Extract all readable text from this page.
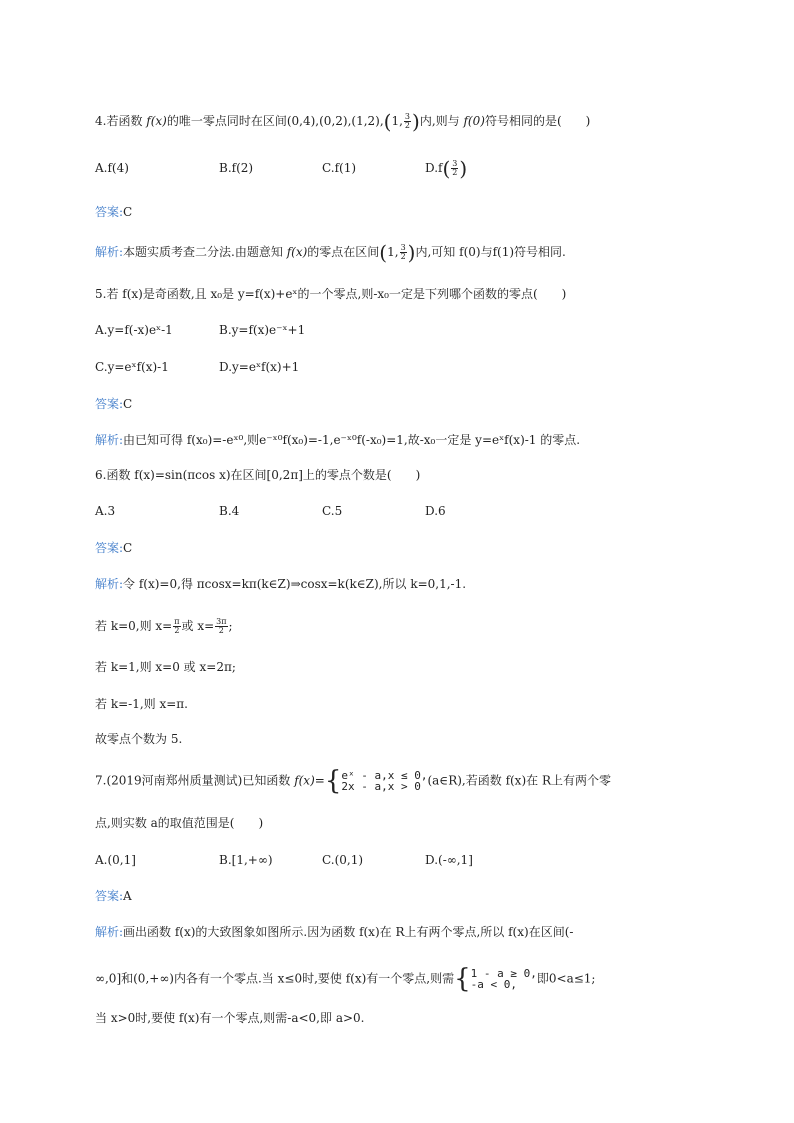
4.若函数 f(x)的唯一零点同时在区间(0,4),(0,2),(1,2),(1, $\frac{3}{2}$ )内,则与 f(0)符号相同的是(　　)
A.f(4)	B.f(2)	C.f(1)	$D.f( \frac{3}{2}$ )
答案:C
解析:本题实质考查二分法.由题意知 f(x)的零点在区间(1, $\frac{3}{2}$ )内,可知 f(0)与f(1)符号相同.
5.若 f(x)是奇函数,且 x₀是 y=f(x)+eˣ的一个零点,则-x₀一定是下列哪个函数的零点(　　)
A.y=f(-x)eˣ-1	B.y=f(x)e⁻ˣ+1
C.y=eˣf(x)-1	D.y=eˣf(x)+1
答案:C
解析:由已知可得 f(x₀)=-eˣ⁰,则e⁻ˣ⁰f(x₀)=-1,e⁻ˣ⁰f(-x₀)=1,故-x₀一定是 y=eˣf(x)-1 的零点.
6.函数 f(x)=sin(πcos x)在区间[0,2π]上的零点个数是(　　)
A.3	B.4	C.5	D.6
答案:C
解析:令 f(x)=0,得 πcosx=kπ(k∈Z)⇒cosx=k(k∈Z),所以 k=0,1,-1.
若 k=0,则 $x= \frac{\pi}{2}$ 或 $x= \frac{3\pi}{2}$ ;
若 k=1,则 x=0 或 x=2π;
若 k=-1,则 x=π.
故零点个数为 5.
7.(2019河南郑州质量测试)已知函数 f(x)={ eˣ - a,x ≤ 0,
2x - a,x > 0 (a∈R),若函数 f(x)在 R上有两个零
点,则实数 a的取值范围是(　　)
A.(0,1]	B.[1,+∞)	C.(0,1)	D.(-∞,1]
答案:A
解析:画出函数 f(x)的大致图象如图所示.因为函数 f(x)在 R上有两个零点,所以 f(x)在区间(-
∞,0]和(0,+∞)内各有一个零点.当 x≤0时,要使 f(x)有一个零点,则需{ 1 - a ≥ 0,
-a < 0,	即0<a≤1;
当 x>0时,要使 f(x)有一个零点,则需-a<0,即 a>0.
